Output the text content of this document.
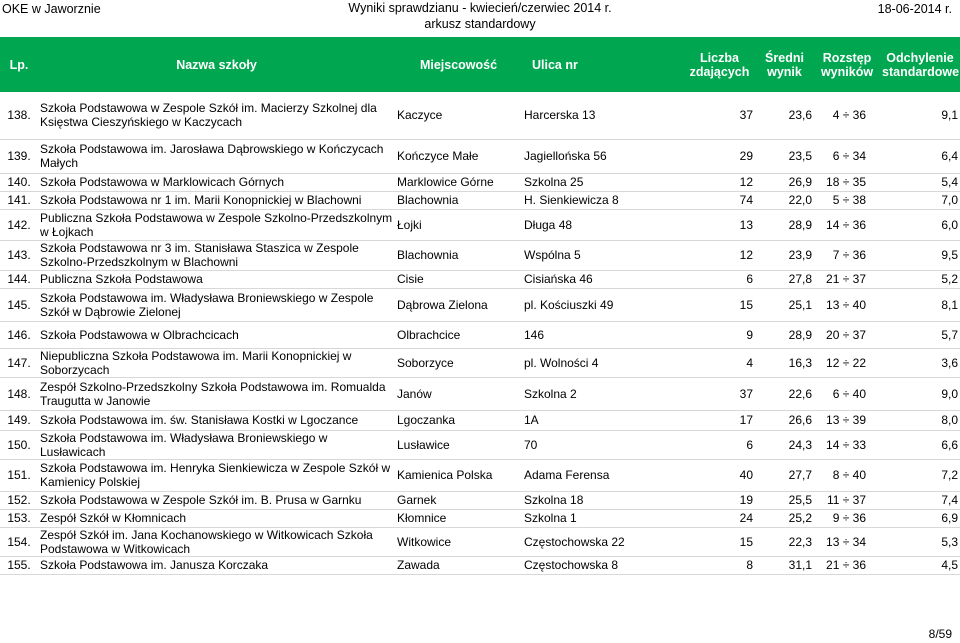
OKE w Jaworznie	Wyniki sprawdzianu - kwiecień/czerwiec 2014 r.
arkusz standardowy
18-06-2014 r.
Lp.	Nazwa szkoły	Miejscowość	Ulica nr	Liczba zdających	Średni wynik	Rozstęp wyników	Odchylenie standardowe
138.	Szkoła Podstawowa w Zespole Szkół im. Macierzy Szkolnej dla Księstwa Cieszyńskiego w Kaczycach	Kaczyce	Harcerska 13	37	23,6	4 ÷ 36	9,1
139.	Szkoła Podstawowa im. Jarosława Dąbrowskiego w Kończycach Małych	Kończyce Małe	Jagiellońska 56	29	23,5	6 ÷ 34	6,4
140.	Szkoła Podstawowa w Marklowicach Górnych	Marklowice Górne	Szkolna 25	12	26,9	18 ÷ 35	5,4
141.	Szkoła Podstawowa nr 1 im. Marii Konopnickiej w Blachowni	Blachownia	H. Sienkiewicza 8	74	22,0	5 ÷ 38	7,0
142.	Publiczna Szkoła Podstawowa w Zespole Szkolno-Przedszkolnym w Łojkach	Łojki	Długa 48	13	28,9	14 ÷ 36	6,0
143.	Szkoła Podstawowa nr 3 im. Stanisława Staszica w Zespole Szkolno-Przedszkolnym w Blachowni	Blachownia	Wspólna 5	12	23,9	7 ÷ 36	9,5
144.	Publiczna Szkoła Podstawowa	Cisie	Cisiańska 46	6	27,8	21 ÷ 37	5,2
145.	Szkoła Podstawowa im. Władysława Broniewskiego w Zespole Szkół w Dąbrowie Zielonej	Dąbrowa Zielona	pl. Kościuszki 49	15	25,1	13 ÷ 40	8,1
146.	Szkoła Podstawowa w Olbrachcicach	Olbrachcice	146	9	28,9	20 ÷ 37	5,7
147.	Niepubliczna Szkoła Podstawowa im. Marii Konopnickiej w Soborzycach	Soborzyce	pl. Wolności 4	4	16,3	12 ÷ 22	3,6
148.	Zespół Szkolno-Przedszkolny Szkoła Podstawowa im. Romualda Traugutta w Janowie	Janów	Szkolna 2	37	22,6	6 ÷ 40	9,0
149.	Szkoła Podstawowa im. św. Stanisława Kostki w Lgoczance	Lgoczanka	1A	17	26,6	13 ÷ 39	8,0
150.	Szkoła Podstawowa im. Władysława Broniewskiego w Lusławicach	Lusławice	70	6	24,3	14 ÷ 33	6,6
151.	Szkoła Podstawowa im. Henryka Sienkiewicza w Zespole Szkół w Kamienicy Polskiej	Kamienica Polska	Adama Ferensa	40	27,7	8 ÷ 40	7,2
152.	Szkoła Podstawowa w Zespole Szkół im. B. Prusa w Garnku	Garnek	Szkolna 18	19	25,5	11 ÷ 37	7,4
153.	Zespół Szkół w Kłomnicach	Kłomnice	Szkolna 1	24	25,2	9 ÷ 36	6,9
154.	Zespół Szkół im. Jana Kochanowskiego w Witkowicach Szkoła Podstawowa w Witkowicach	Witkowice	Częstochowska 22	15	22,3	13 ÷ 34	5,3
155.	Szkoła Podstawowa im. Janusza Korczaka	Zawada	Częstochowska 8	8	31,1	21 ÷ 36	4,5
8/59
